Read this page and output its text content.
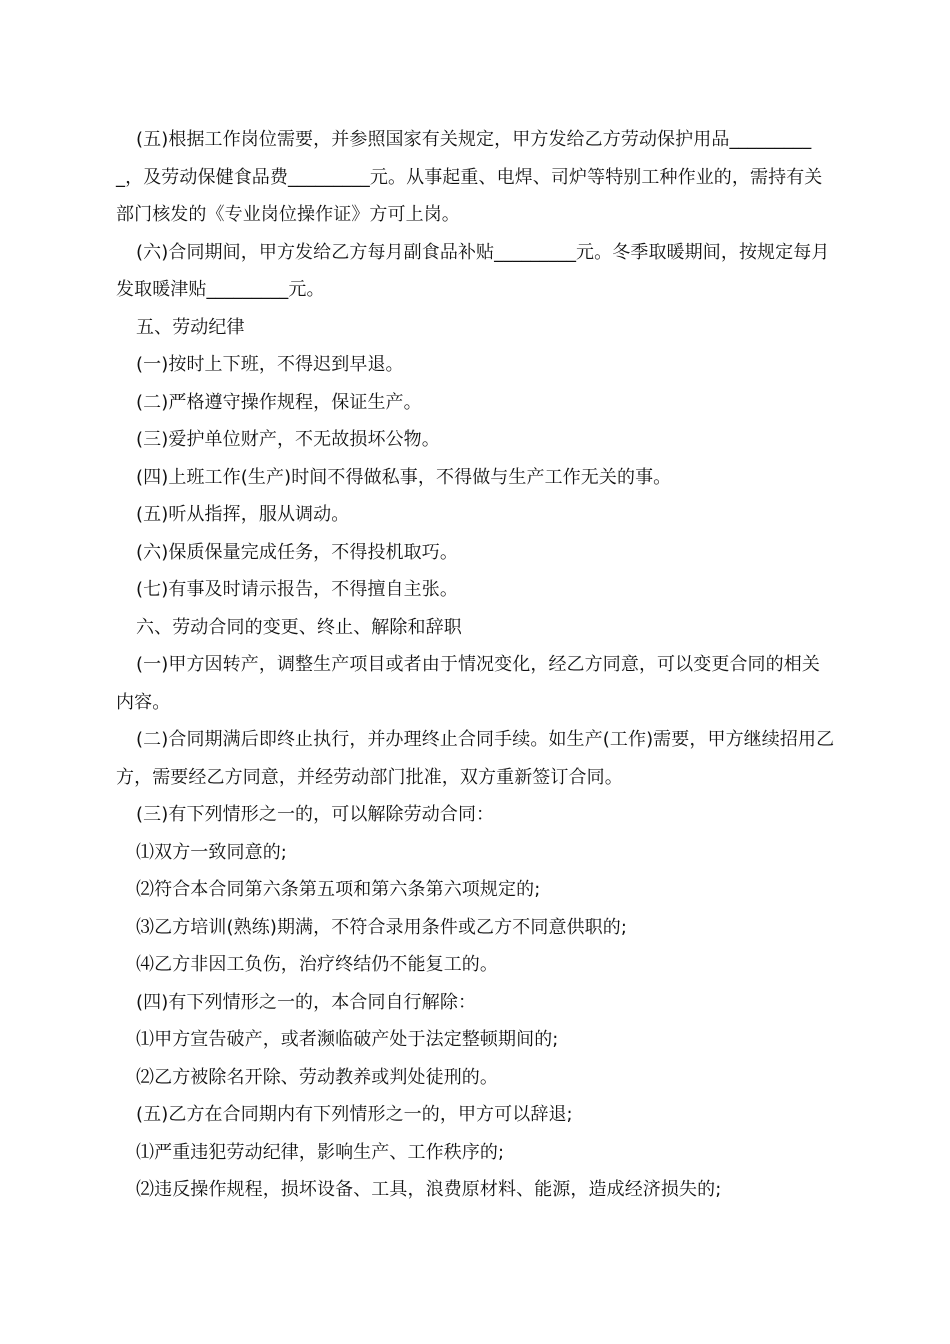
(五)根据工作岗位需要，并参照国家有关规定，甲方发给乙方劳动保护用品__________，及劳动保健食品费_________元。从事起重、电焊、司炉等特别工种作业的，需持有关部门核发的《专业岗位操作证》方可上岗。

(六)合同期间，甲方发给乙方每月副食品补贴_________元。冬季取暖期间，按规定每月发取暖津贴_________元。

五、劳动纪律

(一)按时上下班，不得迟到早退。

(二)严格遵守操作规程，保证生产。

(三)爱护单位财产，不无故损坏公物。

(四)上班工作(生产)时间不得做私事，不得做与生产工作无关的事。

(五)听从指挥，服从调动。

(六)保质保量完成任务，不得投机取巧。

(七)有事及时请示报告，不得擅自主张。

六、劳动合同的变更、终止、解除和辞职

(一)甲方因转产，调整生产项目或者由于情况变化，经乙方同意，可以变更合同的相关内容。

(二)合同期满后即终止执行，并办理终止合同手续。如生产(工作)需要，甲方继续招用乙方，需要经乙方同意，并经劳动部门批准，双方重新签订合同。

(三)有下列情形之一的，可以解除劳动合同：

⑴双方一致同意的;

⑵符合本合同第六条第五项和第六条第六项规定的;

⑶乙方培训(熟练)期满，不符合录用条件或乙方不同意供职的;

⑷乙方非因工负伤，治疗终结仍不能复工的。

(四)有下列情形之一的，本合同自行解除：

⑴甲方宣告破产，或者濒临破产处于法定整顿期间的;

⑵乙方被除名开除、劳动教养或判处徒刑的。

(五)乙方在合同期内有下列情形之一的，甲方可以辞退;

⑴严重违犯劳动纪律，影响生产、工作秩序的;

⑵违反操作规程，损坏设备、工具，浪费原材料、能源，造成经济损失的;
